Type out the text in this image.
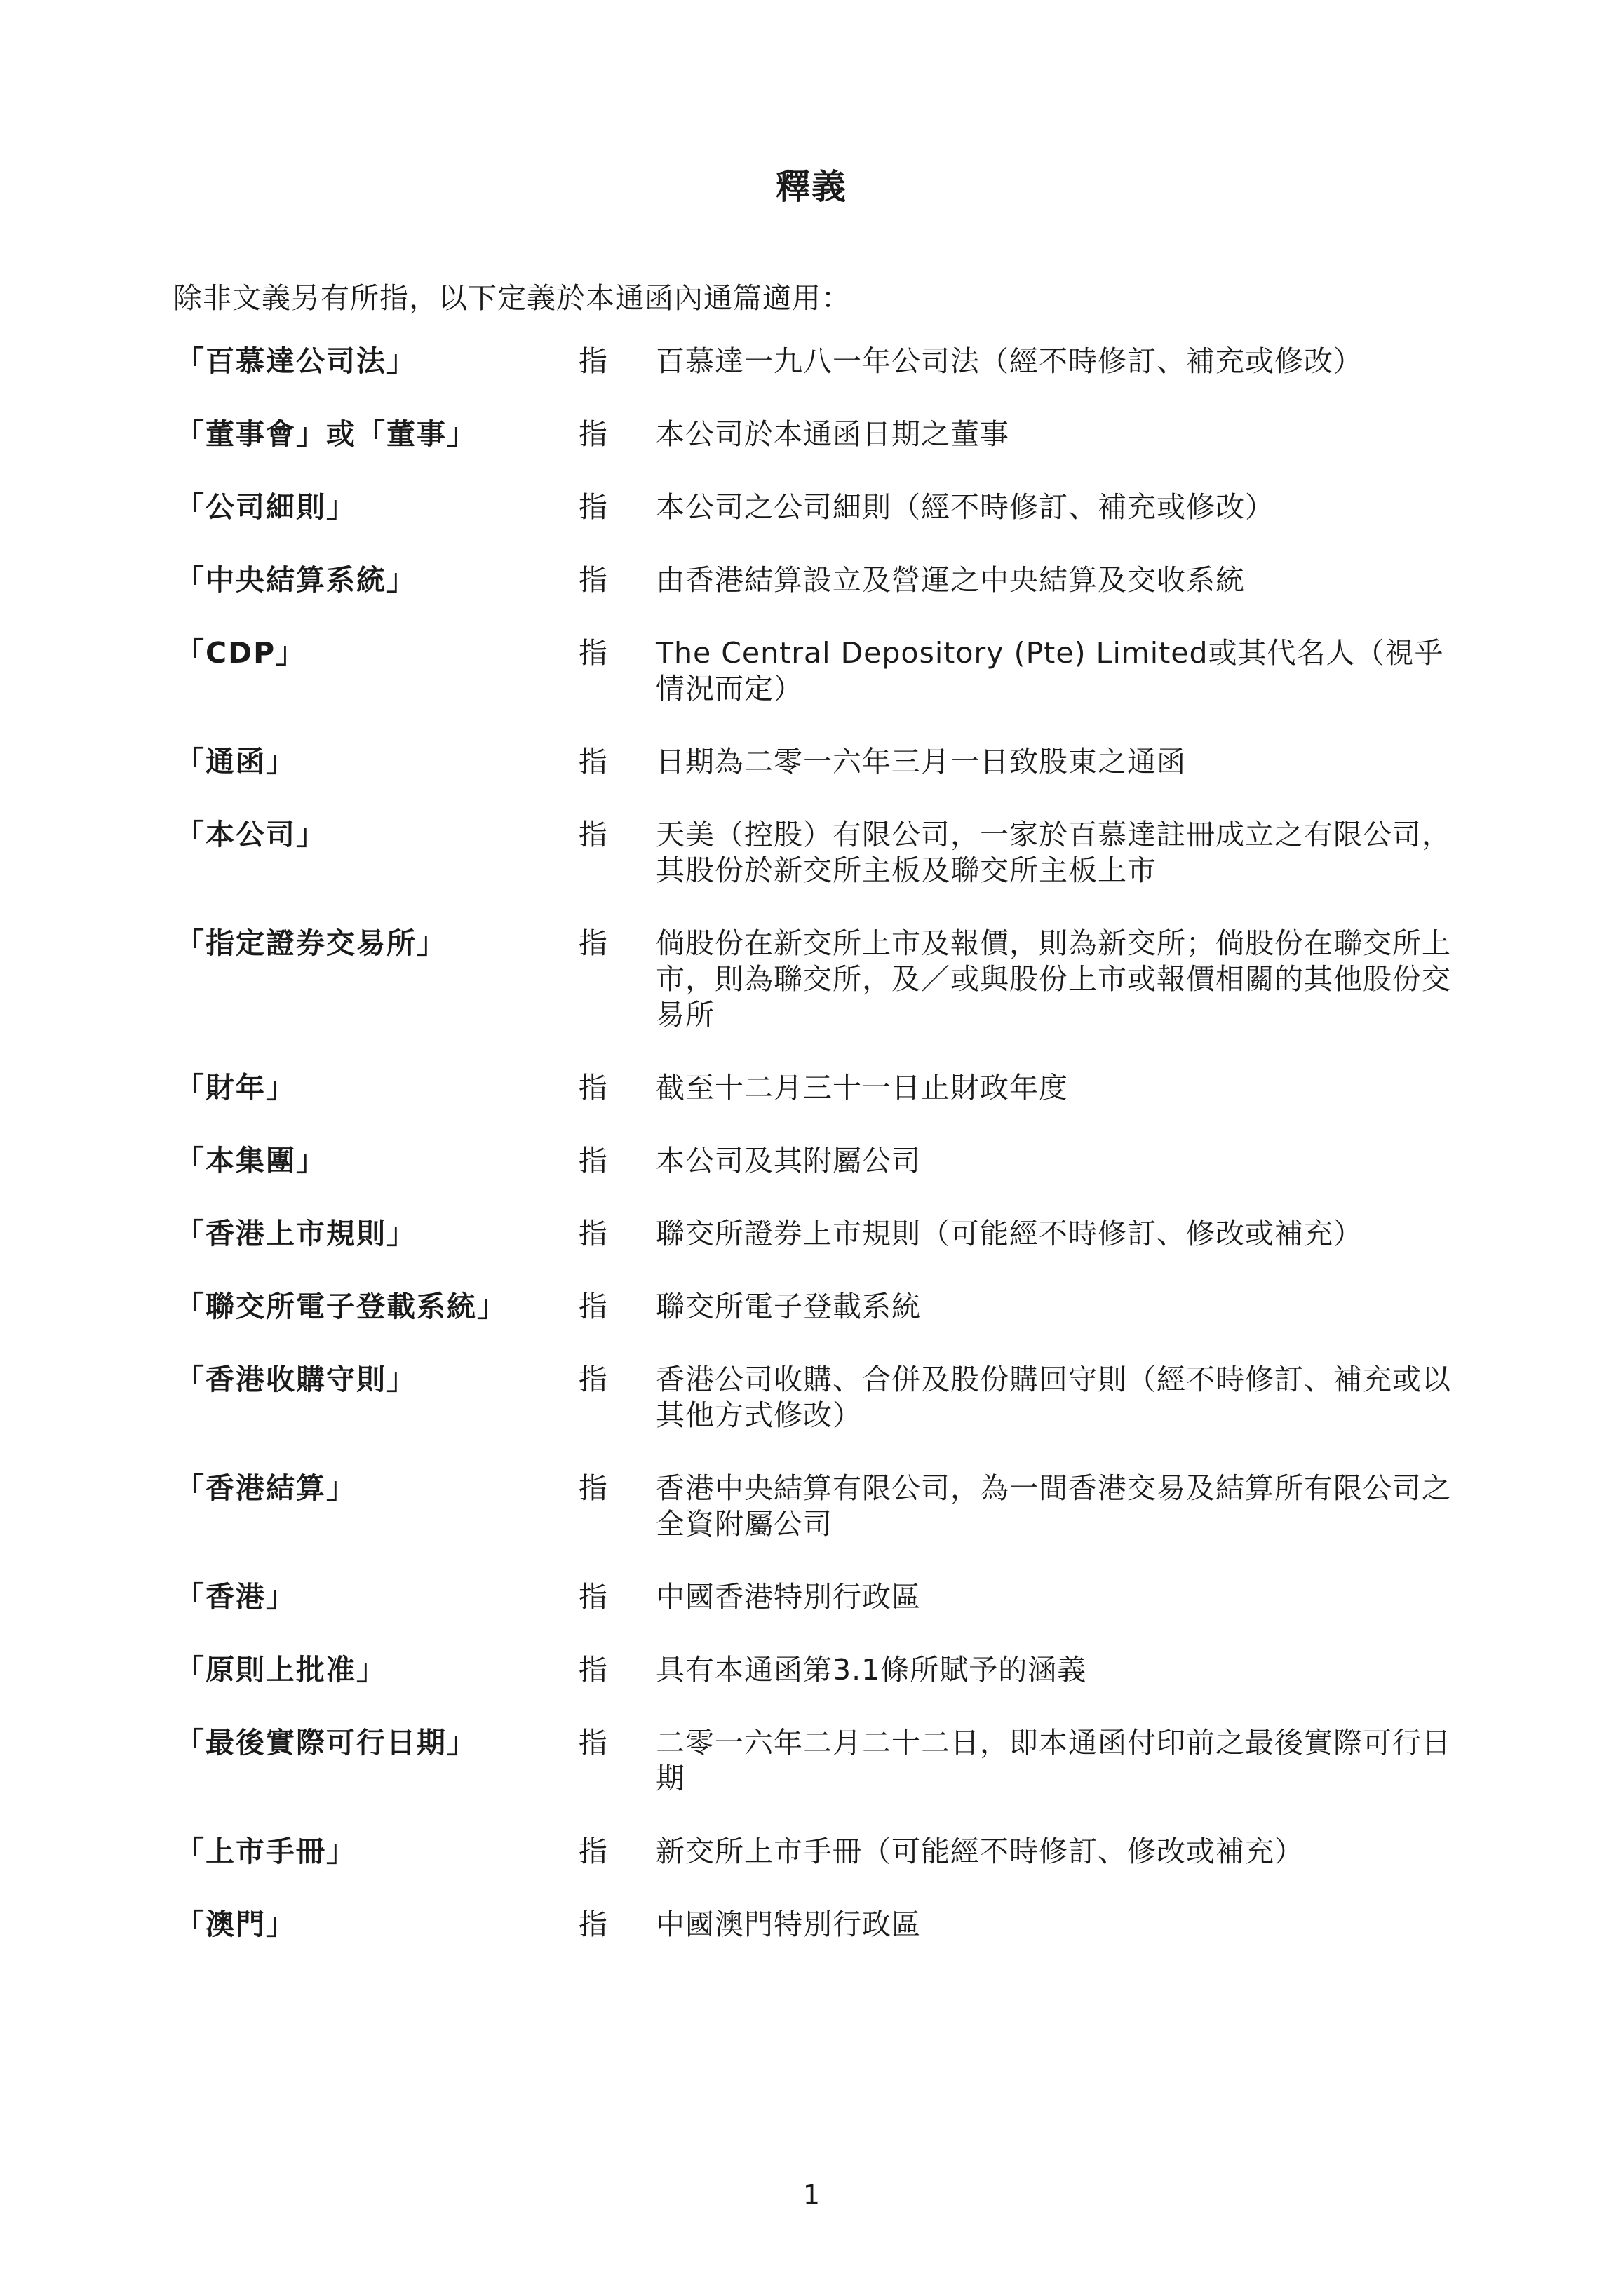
釋義
除非文義另有所指，以下定義於本通函內通篇適用：
「百慕達公司法」	指	百慕達一九八一年公司法（經不時修訂、補充或修改）
「董事會」或「董事」	指	本公司於本通函日期之董事
「公司細則」	指	本公司之公司細則（經不時修訂、補充或修改）
「中央結算系統」	指	由香港結算設立及營運之中央結算及交收系統
「CDP」	指	The Central Depository (Pte) Limited或其代名人（視乎情況而定）
「通函」	指	日期為二零一六年三月一日致股東之通函
「本公司」	指	天美（控股）有限公司，一家於百慕達註冊成立之有限公司，其股份於新交所主板及聯交所主板上市
「指定證券交易所」	指	倘股份在新交所上市及報價，則為新交所；倘股份在聯交所上市，則為聯交所，及／或與股份上市或報價相關的其他股份交易所
「財年」	指	截至十二月三十一日止財政年度
「本集團」	指	本公司及其附屬公司
「香港上市規則」	指	聯交所證券上市規則（可能經不時修訂、修改或補充）
「聯交所電子登載系統」	指	聯交所電子登載系統
「香港收購守則」	指	香港公司收購、合併及股份購回守則（經不時修訂、補充或以其他方式修改）
「香港結算」	指	香港中央結算有限公司，為一間香港交易及結算所有限公司之全資附屬公司
「香港」	指	中國香港特別行政區
「原則上批准」	指	具有本通函第3.1條所賦予的涵義
「最後實際可行日期」	指	二零一六年二月二十二日，即本通函付印前之最後實際可行日期
「上市手冊」	指	新交所上市手冊（可能經不時修訂、修改或補充）
「澳門」	指	中國澳門特別行政區
1
